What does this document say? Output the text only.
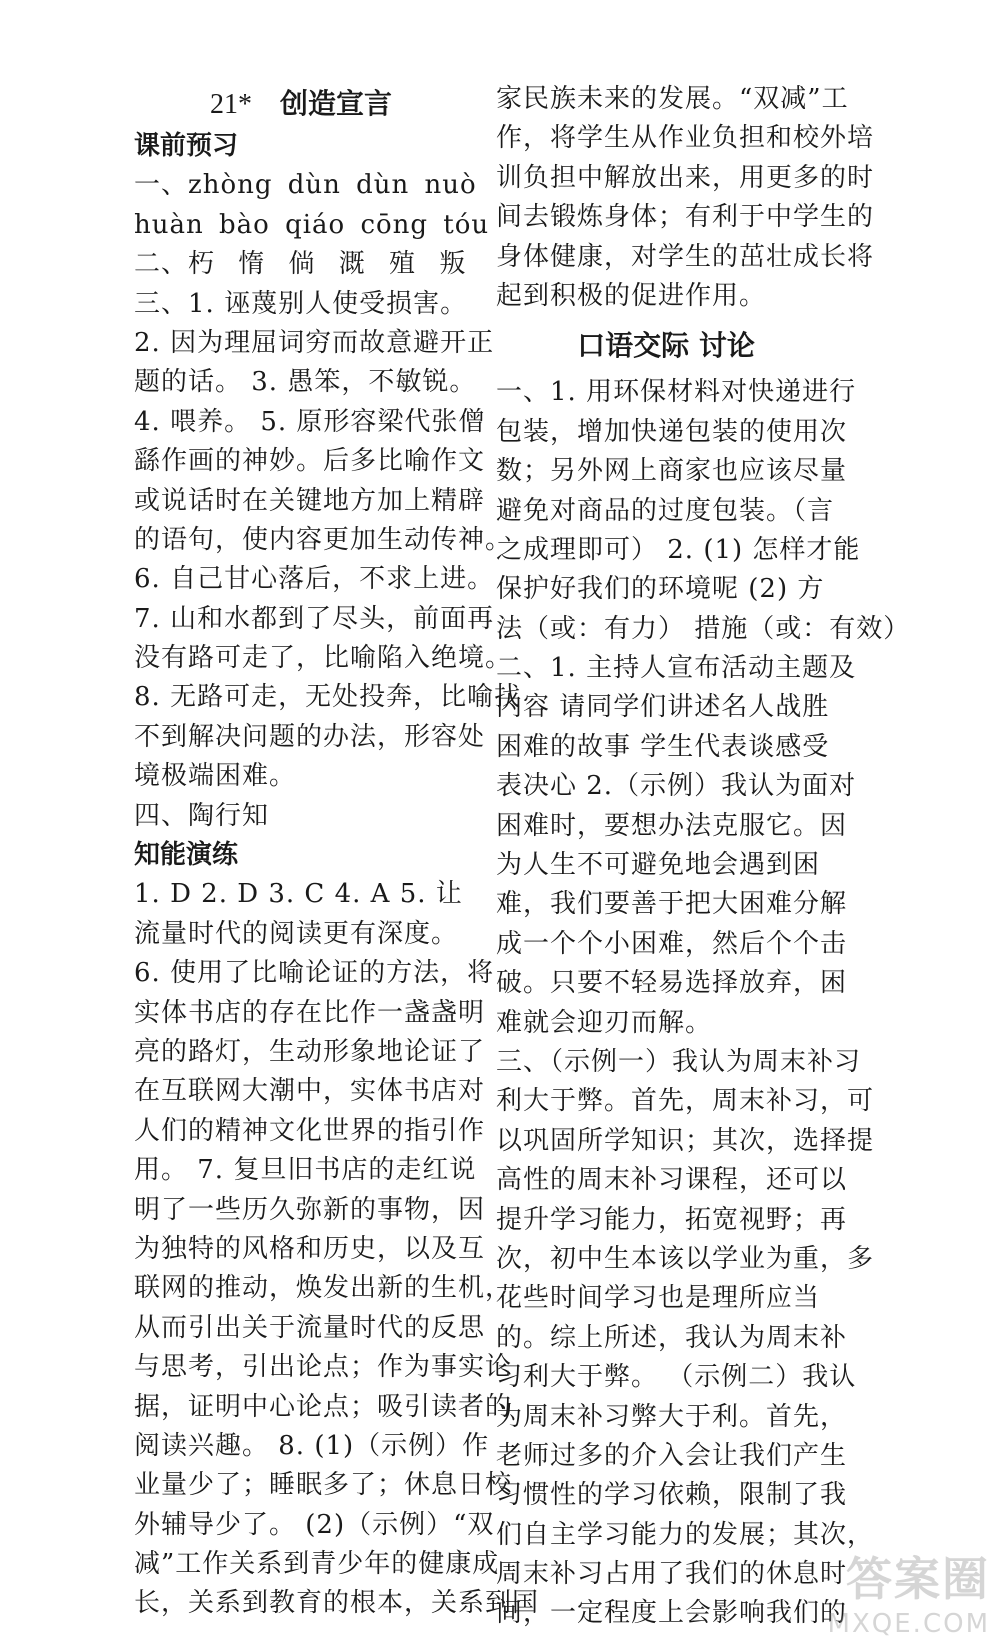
21* 创造宣言
课前预习
一、zhòng dùn dùn nuò
huàn bào qiáo cōng tóu
二、朽 惰 倘 溉 殖 叛
三、1. 诬蔑别人使受损害。
2. 因为理屈词穷而故意避开正
题的话。 3. 愚笨，不敏锐。
4. 喂养。 5. 原形容梁代张僧
繇作画的神妙。后多比喻作文
或说话时在关键地方加上精辟
的语句，使内容更加生动传神。
6. 自己甘心落后，不求上进。
7. 山和水都到了尽头，前面再
没有路可走了，比喻陷入绝境。
8. 无路可走，无处投奔，比喻找
不到解决问题的办法，形容处
境极端困难。
四、陶行知
知能演练
1. D 2. D 3. C 4. A 5. 让
流量时代的阅读更有深度。
6. 使用了比喻论证的方法，将
实体书店的存在比作一盏盏明
亮的路灯，生动形象地论证了
在互联网大潮中，实体书店对
人们的精神文化世界的指引作
用。 7. 复旦旧书店的走红说
明了一些历久弥新的事物，因
为独特的风格和历史，以及互
联网的推动，焕发出新的生机，
从而引出关于流量时代的反思
与思考，引出论点；作为事实论
据，证明中心论点；吸引读者的
阅读兴趣。 8. (1)（示例）作
业量少了；睡眠多了；休息日校
外辅导少了。 (2)（示例）“双
减”工作关系到青少年的健康成
长，关系到教育的根本，关系到国
家民族未来的发展。“双减”工
作，将学生从作业负担和校外培
训负担中解放出来，用更多的时
间去锻炼身体；有利于中学生的
身体健康，对学生的茁壮成长将
起到积极的促进作用。
口语交际 讨论
一、1. 用环保材料对快递进行
包装，增加快递包装的使用次
数；另外网上商家也应该尽量
避免对商品的过度包装。（言
之成理即可） 2. (1) 怎样才能
保护好我们的环境呢 (2) 方
法（或：有力） 措施（或：有效）
二、1. 主持人宣布活动主题及
内容 请同学们讲述名人战胜
困难的故事 学生代表谈感受
表决心 2.（示例）我认为面对
困难时，要想办法克服它。因
为人生不可避免地会遇到困
难，我们要善于把大困难分解
成一个个小困难，然后个个击
破。只要不轻易选择放弃，困
难就会迎刃而解。
三、（示例一）我认为周末补习
利大于弊。首先，周末补习，可
以巩固所学知识；其次，选择提
高性的周末补习课程，还可以
提升学习能力，拓宽视野；再
次，初中生本该以学业为重，多
花些时间学习也是理所应当
的。综上所述，我认为周末补
习利大于弊。 （示例二）我认
为周末补习弊大于利。首先，
老师过多的介入会让我们产生
习惯性的学习依赖，限制了我
们自主学习能力的发展；其次，
周末补习占用了我们的休息时
间，一定程度上会影响我们的
答案圈
MXQE.COM
